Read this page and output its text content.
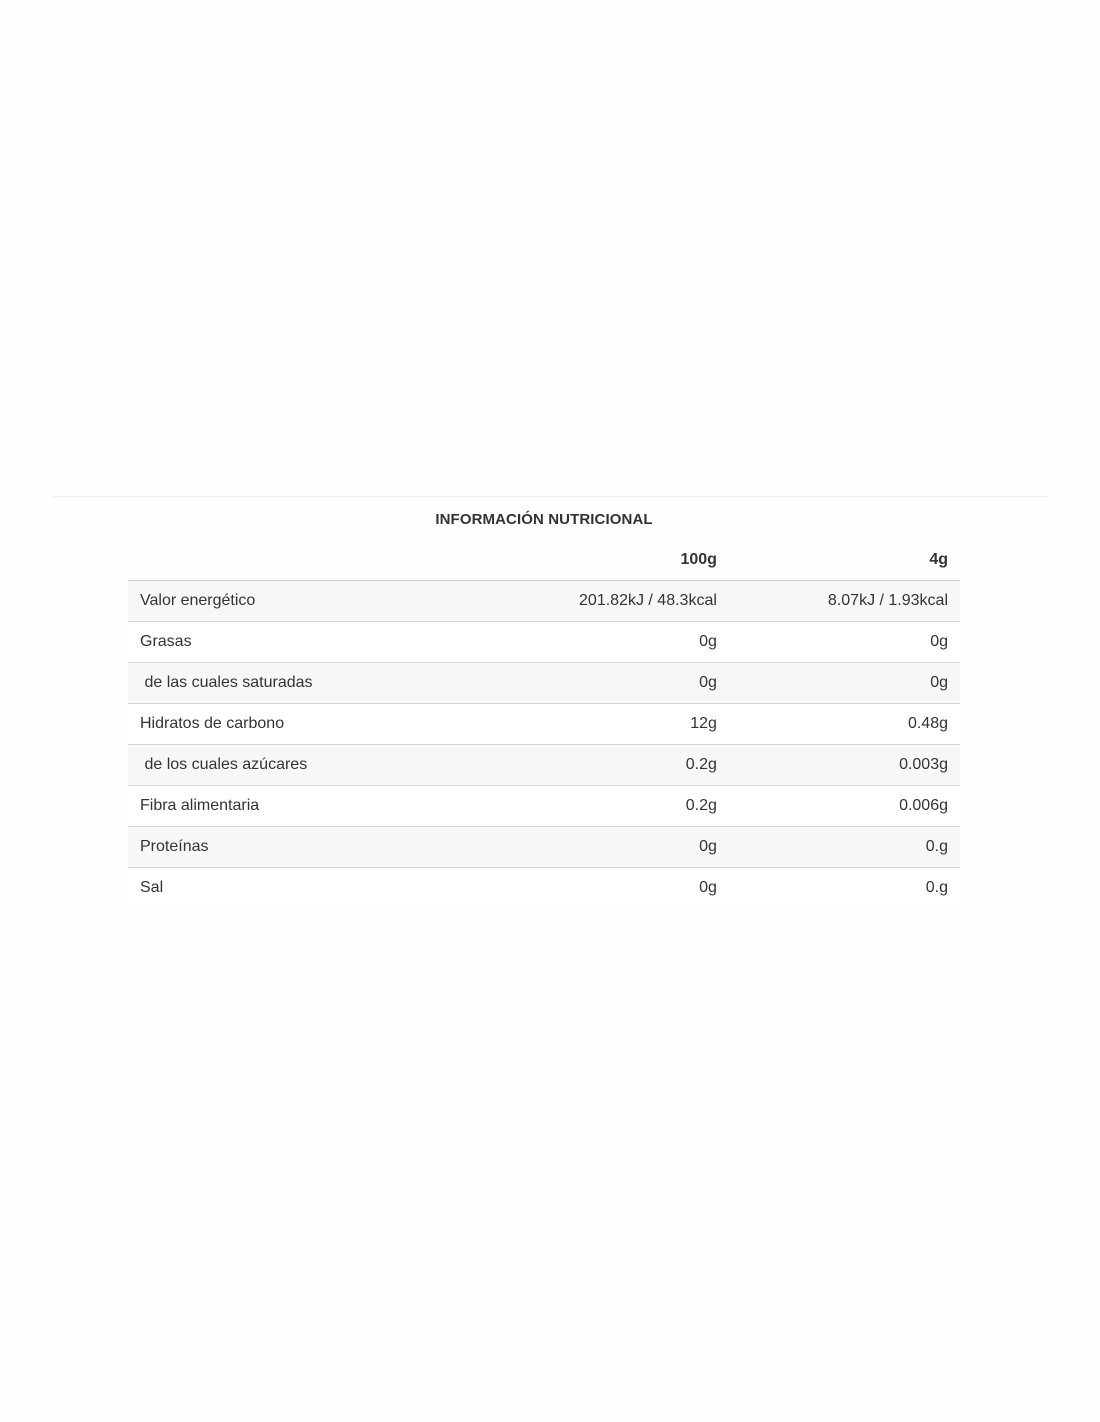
INFORMACIÓN NUTRICIONAL
	100g	4g
Valor energético	201.82kJ / 48.3kcal	8.07kJ / 1.93kcal
Grasas	0g	0g
de las cuales saturadas	0g	0g
Hidratos de carbono	12g	0.48g
de los cuales azúcares	0.2g	0.003g
Fibra alimentaria	0.2g	0.006g
Proteínas	0g	0.g
Sal	0g	0.g
